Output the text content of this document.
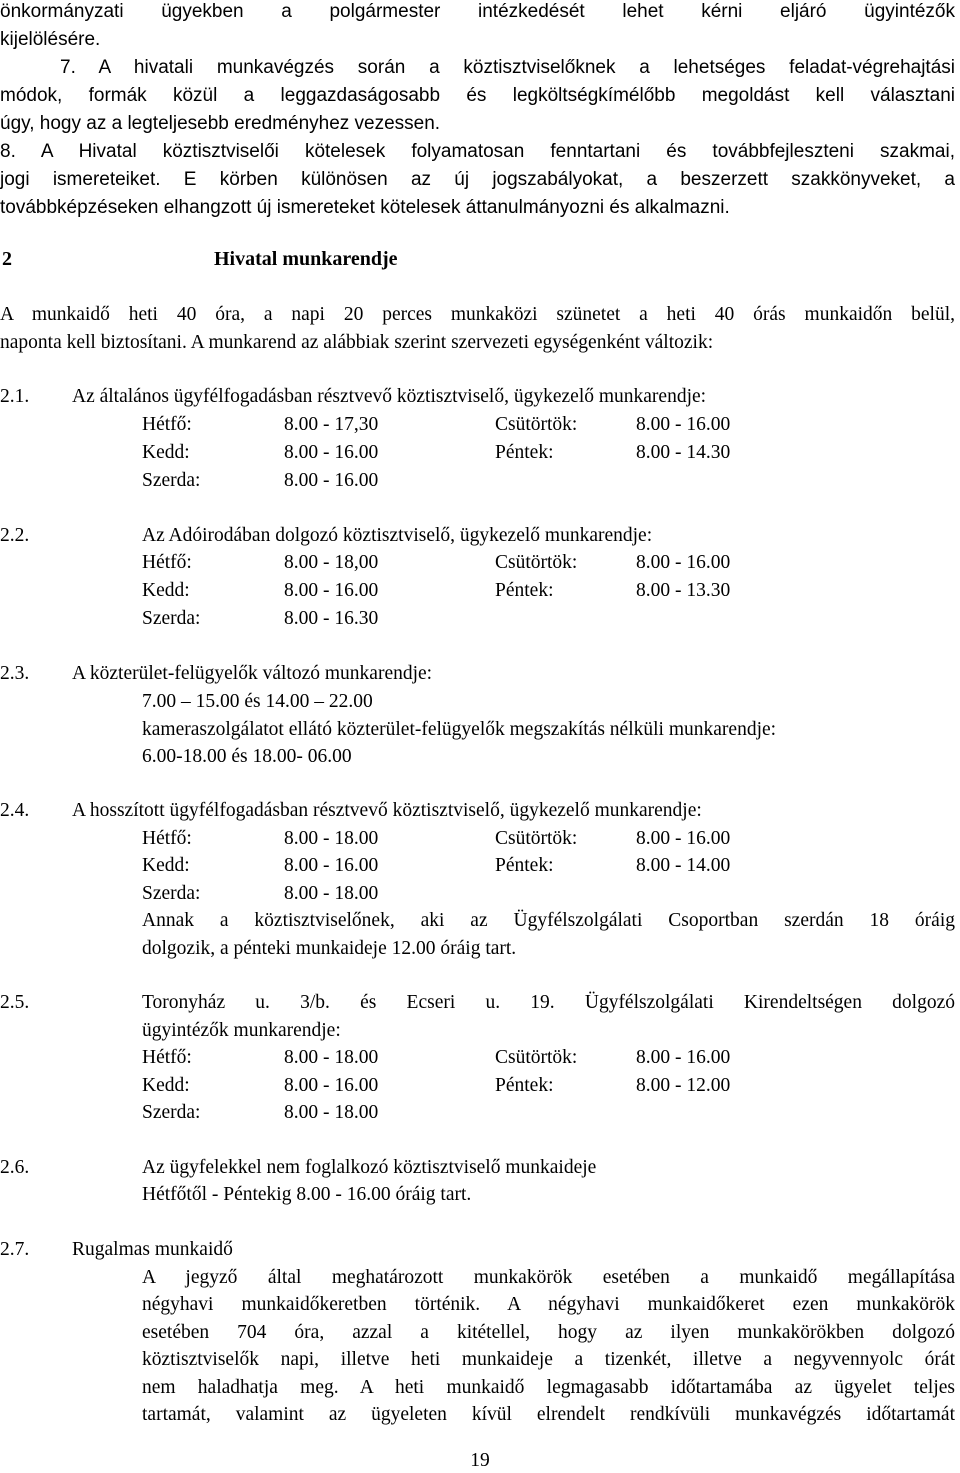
önkormányzati ügyekben a polgármester intézkedését lehet kérni eljáró ügyintézők
kijelölésére.
7. A hivatali munkavégzés során a köztisztviselőknek a lehetséges feladat-végrehajtási
módok, formák közül a leggazdaságosabb és legköltségkímélőbb megoldást kell választani
úgy, hogy az a legteljesebb eredményhez vezessen.
8. A Hivatal köztisztviselői kötelesek folyamatosan fenntartani és továbbfejleszteni szakmai,
jogi ismereteiket. E körben különösen az új jogszabályokat, a beszerzett szakkönyveket, a
továbbképzéseken elhangzott új ismereteket kötelesek áttanulmányozni és alkalmazni.
2	Hivatal munkarendje
A munkaidő heti 40 óra, a napi 20 perces munkaközi szünetet a heti 40 órás munkaidőn belül,
naponta kell biztosítani. A munkarend az alábbiak szerint szervezeti egységenként változik:
2.1. Az általános ügyfélfogadásban résztvevő köztisztviselő, ügykezelő munkarendje:
Hétfő:	8.00 - 17,30	Csütörtök:	8.00 - 16.00
Kedd:	8.00 - 16.00	Péntek:	8.00 - 14.30
Szerda:	8.00 - 16.00
2.2.	Az Adóirodában dolgozó köztisztviselő, ügykezelő munkarendje:
Hétfő:	8.00 - 18,00	Csütörtök:	8.00 - 16.00
Kedd:	8.00 - 16.00	Péntek:	8.00 - 13.30
Szerda:	8.00 - 16.30
2.3. A közterület-felügyelők változó munkarendje:
7.00 – 15.00 és 14.00 – 22.00
kameraszolgálatot ellátó közterület-felügyelők megszakítás nélküli munkarendje:
6.00-18.00 és 18.00- 06.00
2.4. A hosszított ügyfélfogadásban résztvevő köztisztviselő, ügykezelő munkarendje:
Hétfő:	8.00 - 18.00	Csütörtök:	8.00 - 16.00
Kedd:	8.00 - 16.00	Péntek:	8.00 - 14.00
Szerda:	8.00 - 18.00
Annak a köztisztviselőnek, aki az Ügyfélszolgálati Csoportban szerdán 18 óráig
dolgozik, a pénteki munkaideje 12.00 óráig tart.
2.5.	Toronyház u. 3/b. és Ecseri u. 19. Ügyfélszolgálati Kirendeltségen dolgozó
ügyintézők munkarendje:
Hétfő:	8.00 - 18.00	Csütörtök:	8.00 - 16.00
Kedd:	8.00 - 16.00	Péntek:	8.00 - 12.00
Szerda:	8.00 - 18.00
2.6.	Az ügyfelekkel nem foglalkozó köztisztviselő munkaideje
Hétfőtől - Péntekig 8.00 - 16.00 óráig tart.
2.7. Rugalmas munkaidő
A jegyző által meghatározott munkakörök esetében a munkaidő megállapítása
négyhavi munkaidőkeretben történik. A négyhavi munkaidőkeret ezen munkakörök
esetében 704 óra, azzal a kitétellel, hogy az ilyen munkakörökben dolgozó
köztisztviselők napi, illetve heti munkaideje a tizenkét, illetve a negyvennyolc órát
nem haladhatja meg. A heti munkaidő legmagasabb időtartamába az ügyelet teljes
tartamát, valamint az ügyeleten kívül elrendelt rendkívüli munkavégzés időtartamát
19
